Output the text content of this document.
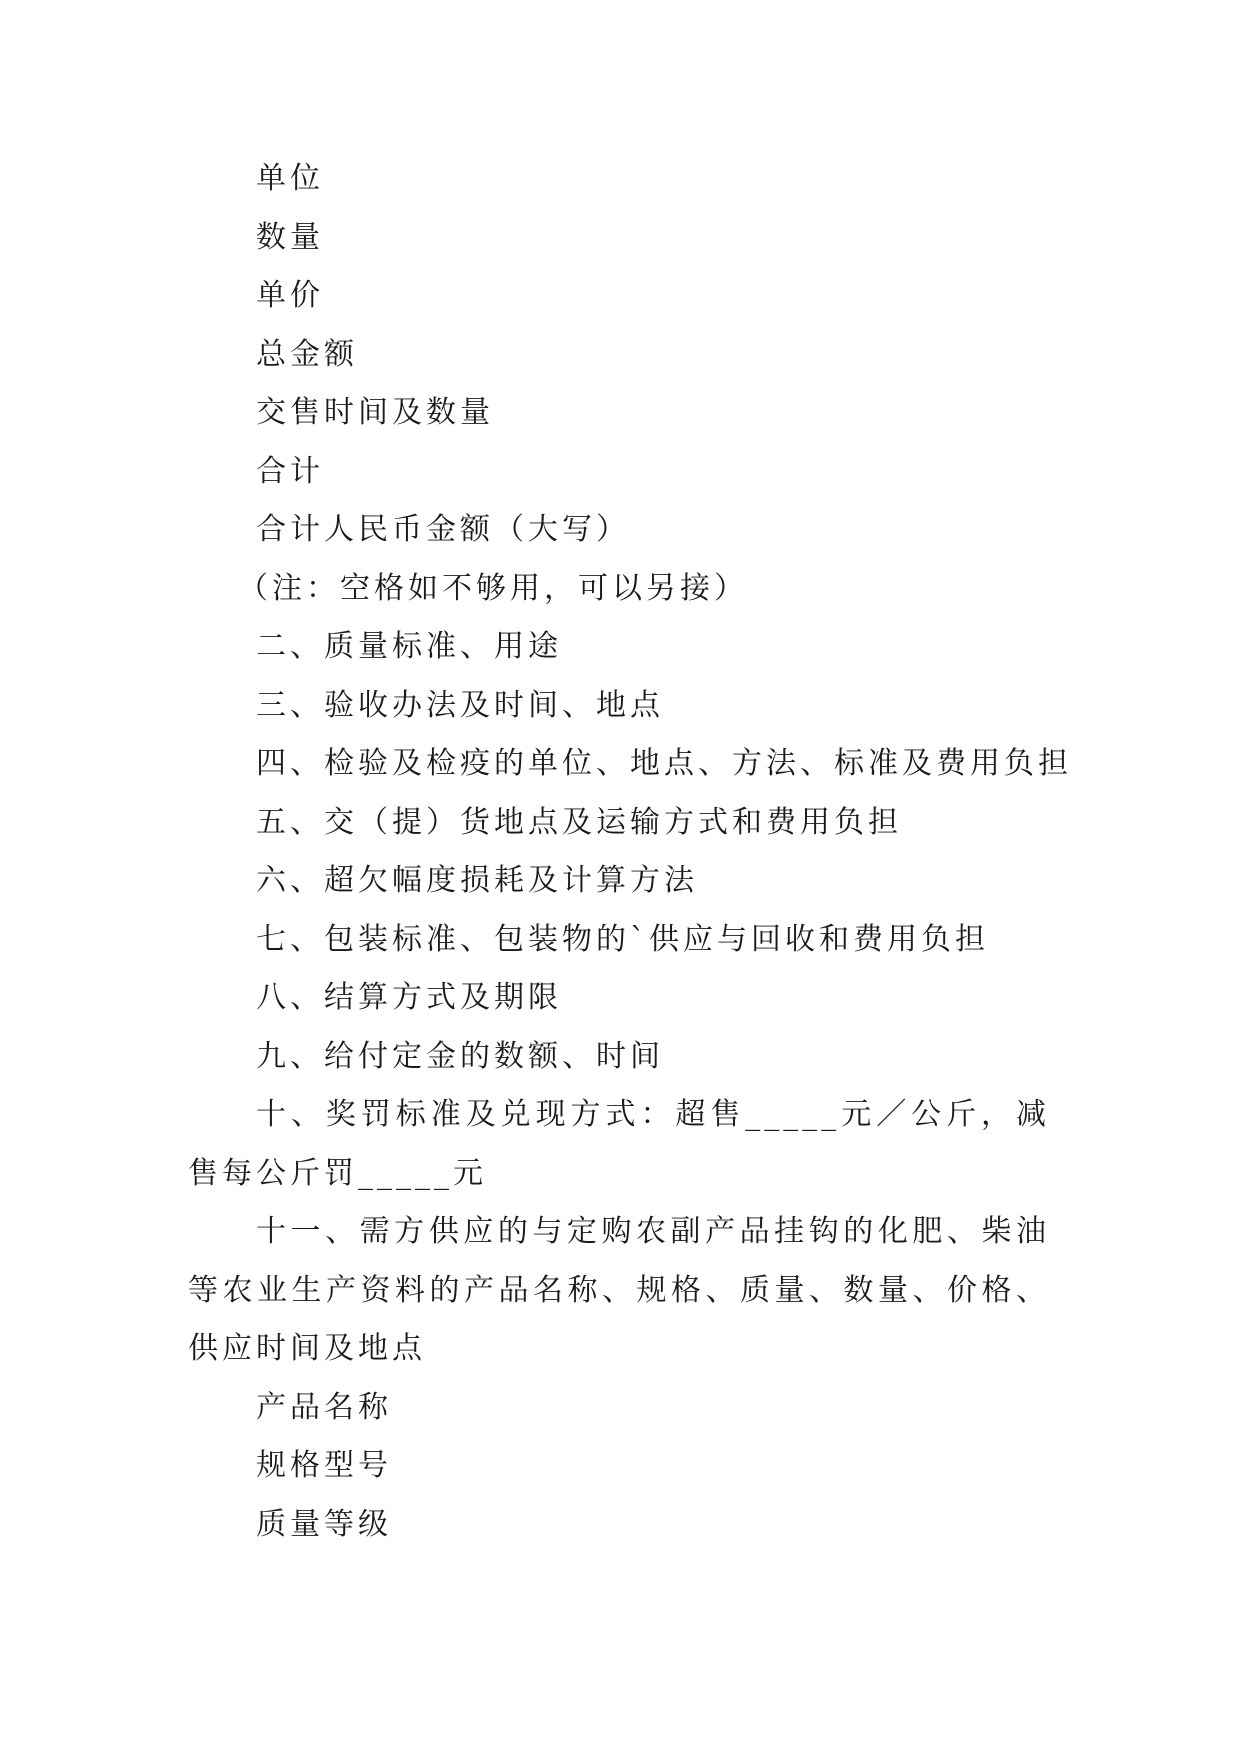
单位

数量

单价

总金额

交售时间及数量

合计

合计人民币金额（大写）

（注：空格如不够用，可以另接）

二、质量标准、用途

三、验收办法及时间、地点

四、检验及检疫的单位、地点、方法、标准及费用负担

五、交（提）货地点及运输方式和费用负担

六、超欠幅度损耗及计算方法

七、包装标准、包装物的`供应与回收和费用负担

八、结算方式及期限

九、给付定金的数额、时间

十、奖罚标准及兑现方式：超售_____元／公斤，减售每公斤罚_____元

十一、需方供应的与定购农副产品挂钩的化肥、柴油等农业生产资料的产品名称、规格、质量、数量、价格、供应时间及地点

产品名称

规格型号

质量等级
